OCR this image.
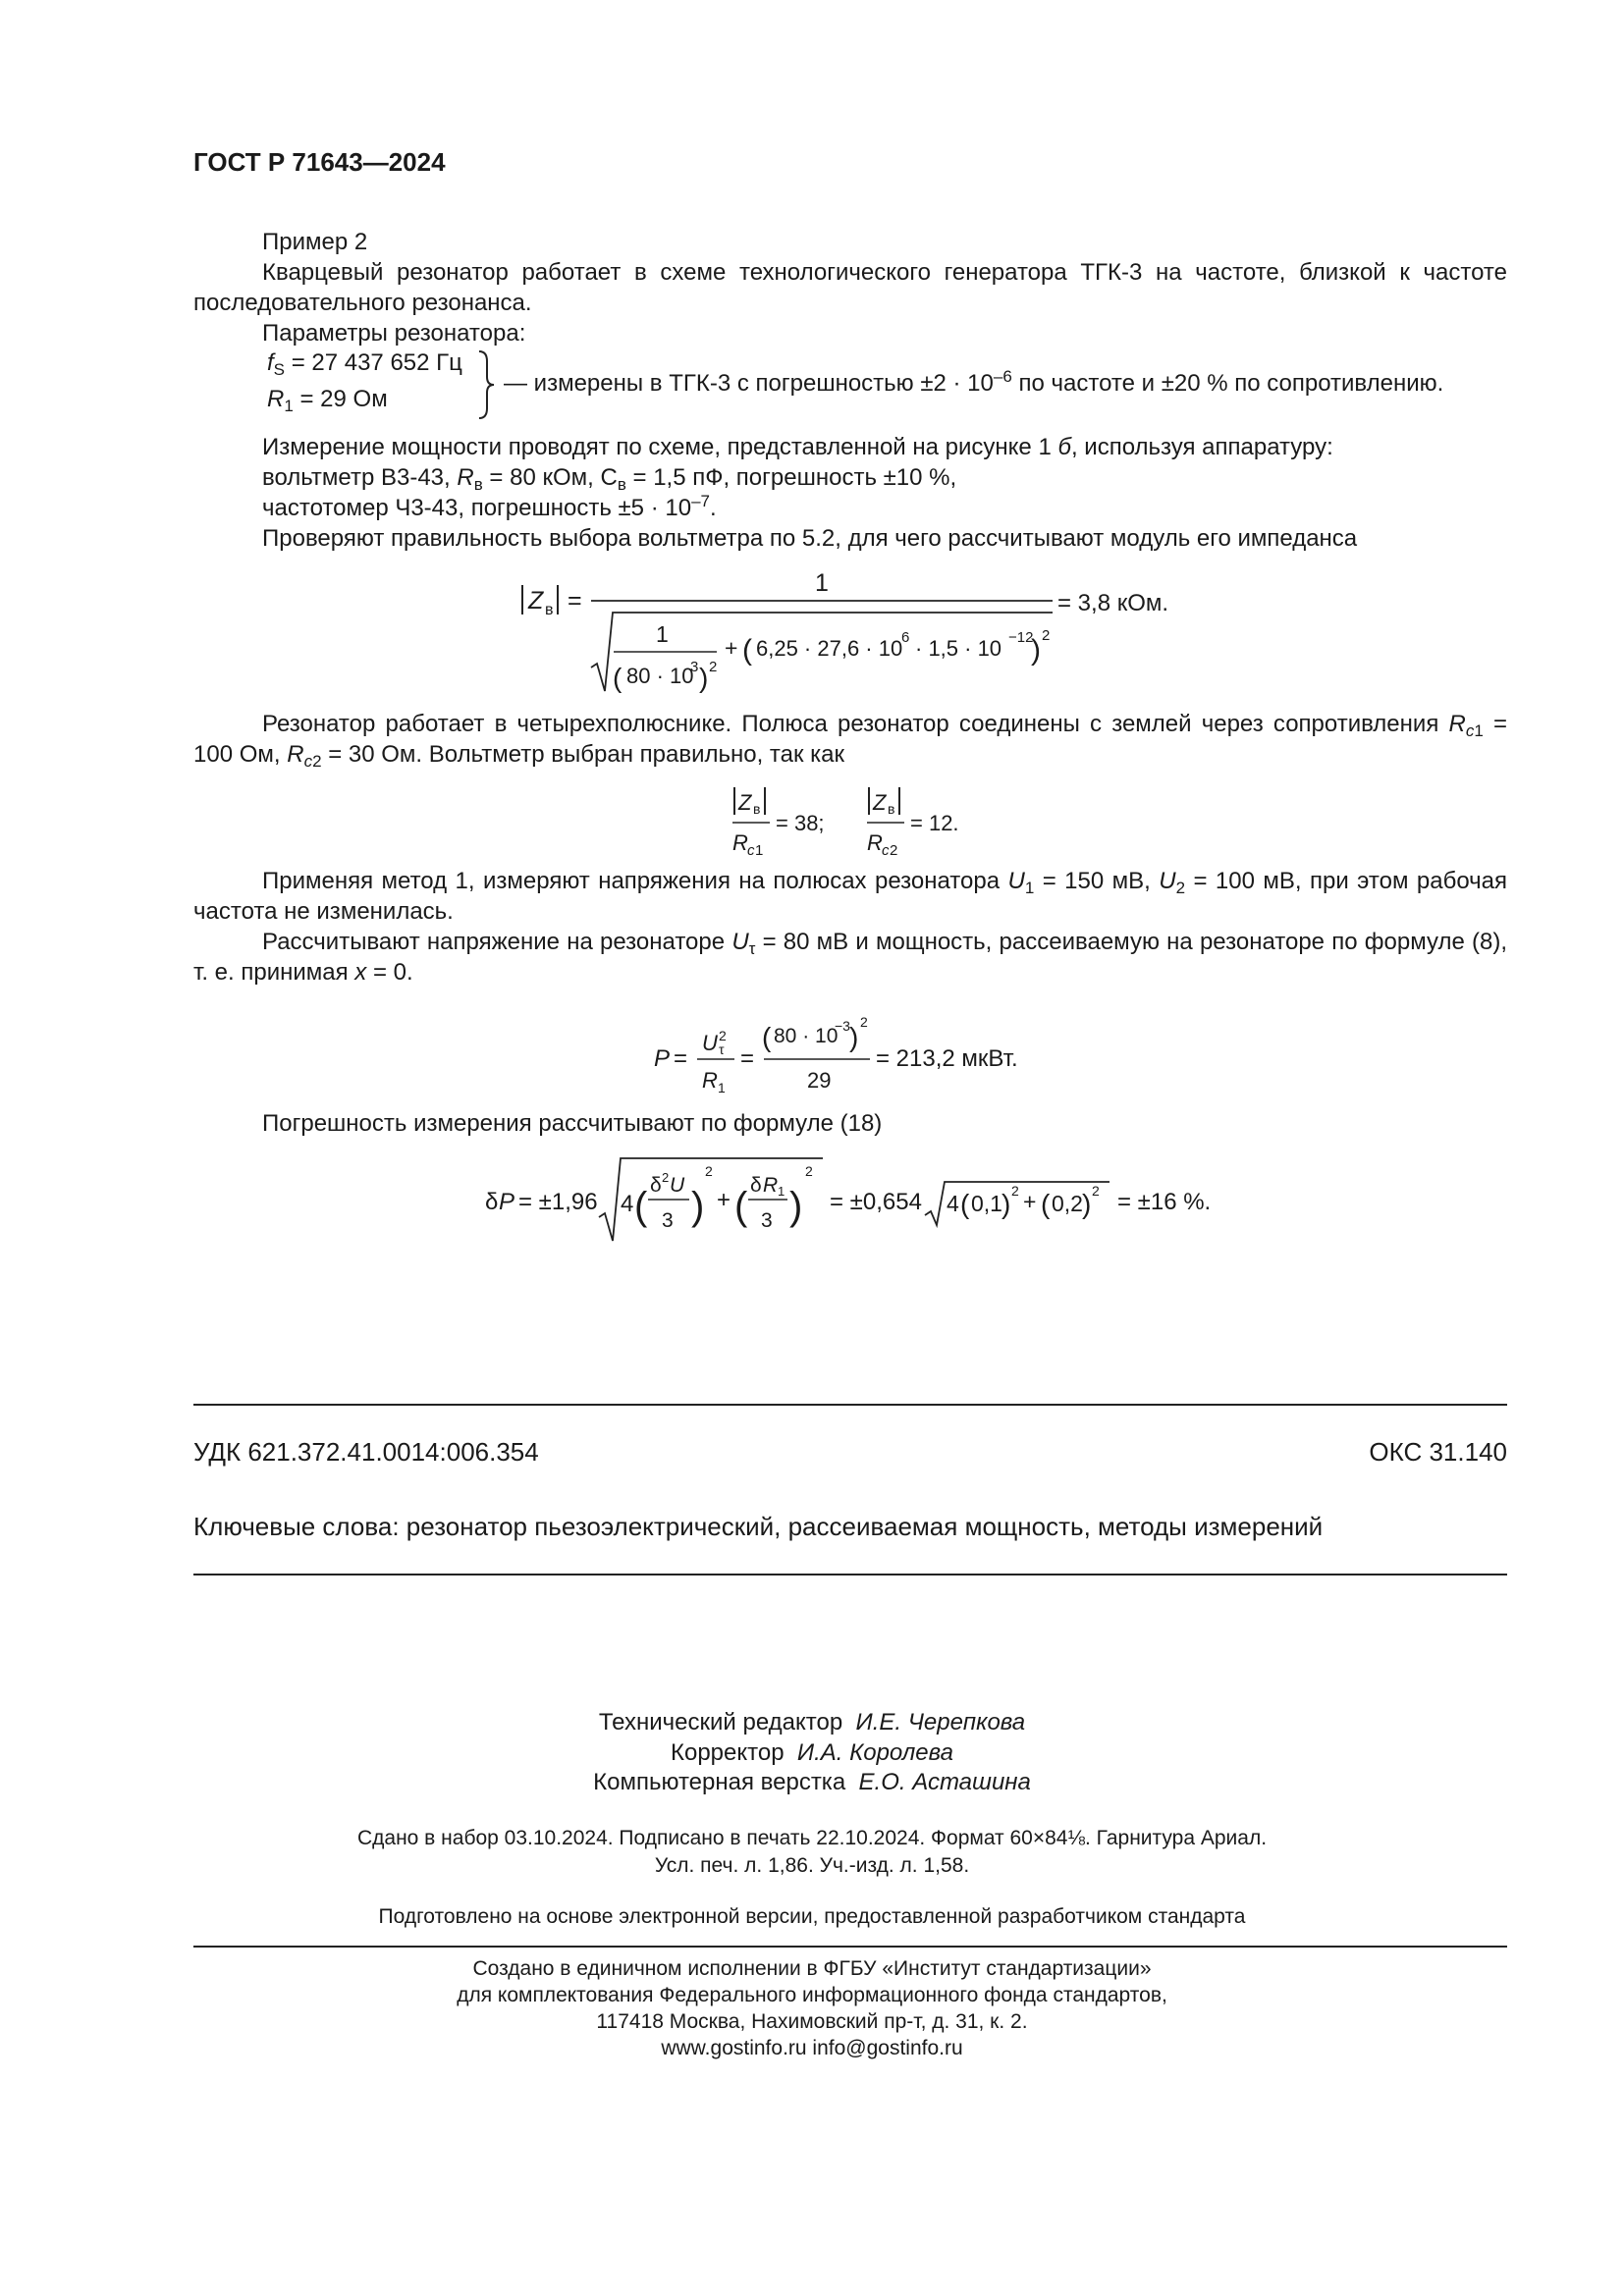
ГОСТ Р 71643—2024
Пример 2
Кварцевый резонатор работает в схеме технологического генератора ТГК-3 на частоте, близкой к частоте последовательного резонанса.
Параметры резонатора:
$f_S = 27$ 437 652 Гц
$R_1 = 29$ Ом
— измерены в ТГК-3 с погрешностью $\pm 2 \cdot 10^{-6}$ по частоте и ±20 % по сопротивлению.
Измерение мощности проводят по схеме, представленной на рисунке 1 б, используя аппаратуру:
вольтметр В3-43, $R_в = 80$ кОм, $С_в = 1,5$ пФ, погрешность ±10 %,
частотомер Ч3-43, погрешность $\pm 5 \cdot 10^{-7}$.
Проверяют правильность выбора вольтметра по 5.2, для чего рассчитывают модуль его импеданса
Z в =
1
1
( 80 · 10
3 ) 2
+ ( 6,25 · 27,6 · 10
6 · 1,5 · 10 −12
) 2
= 3,8 кОм.
Резонатор работает в четырехполюснике. Полюса резонатор соединены с землей через сопротивления $R_{c1} = 100$ Ом, $R_{c2} = 30$ Ом. Вольтметр выбран правильно, так как
Z в
R c 1
= 38;
Z в
R c 2
= 12.
Применяя метод 1, измеряют напряжения на полюсах резонатора $U_1 = 150$ мВ, $U_2 = 100$ мВ, при этом рабочая частота не изменилась.
Рассчитывают напряжение на резонаторе $U_\tau = 80$ мВ и мощность, рассеиваемую на резонаторе по формуле (8), т. е. принимая x = 0.
P =
U 2
τ
R 1
=
( 80 · 10
−3 ) 2
29
= 213,2 мкВт.
Погрешность измерения рассчитывают по формуле (18)
δ P = ±1,96 4 ( δ 2 U
3 )
2
+ ( δ R 1
3 )
2
= ±0,654 4 ( 0,1 ) 2 + ( 0,2 ) 2 = ±16 %.
УДК 621.372.41.0014:006.354	ОКС 31.140
Ключевые слова: резонатор пьезоэлектрический, рассеиваемая мощность, методы измерений
Технический редактор И.Е. Черепкова
Корректор И.А. Королева
Компьютерная верстка Е.О. Асташина
Сдано в набор 03.10.2024. Подписано в печать 22.10.2024. Формат 60×84⅛. Гарнитура Ариал.
Усл. печ. л. 1,86. Уч.-изд. л. 1,58.
Подготовлено на основе электронной версии, предоставленной разработчиком стандарта
Создано в единичном исполнении в ФГБУ «Институт стандартизации»
для комплектования Федерального информационного фонда стандартов,
117418 Москва, Нахимовский пр-т, д. 31, к. 2.
www.gostinfo.ru info@gostinfo.ru
